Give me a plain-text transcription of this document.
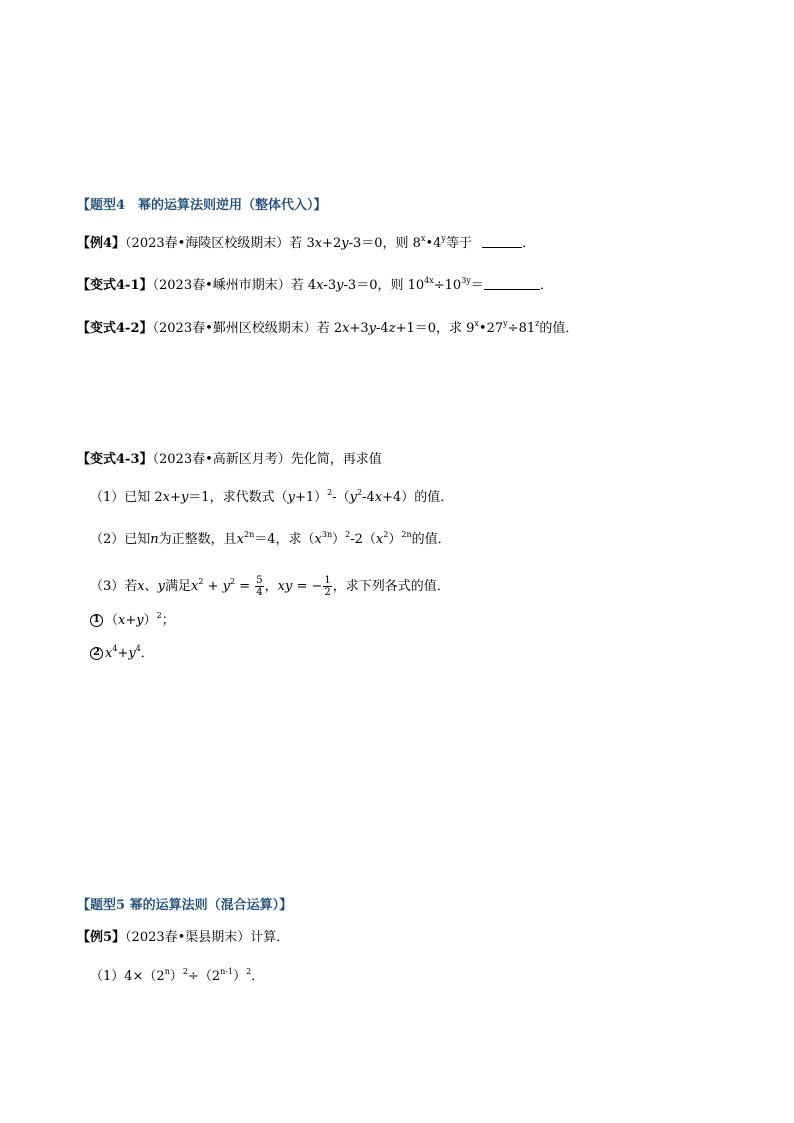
【题型4　幂的运算法则逆用（整体代入）】
【例4】（2023春•海陵区校级期末）若 3x+2y-3＝0，则 8$^x$•4$^y$等于	．
【变式4-1】（2023春•嵊州市期末）若 4x-3y-3＝0，则 $10^{4x}\div 10^{3y}=$	．
【变式4-2】（2023春•鄞州区校级期末）若 2x+3y-4z+1＝0，求 $9^x•27^y\div 81^z$的值．
【变式4-3】（2023春•高新区月考）先化简，再求值
（1）已知 2x+y＝1，求代数式$(y+1)^2-(y^2-4x+4)$的值．
（2）已知n为正整数，且$x^{2n}=4$，求$(x^{3n})^2-2(x^2)^{2n}$的值．
（3）若x、y满足$x^2 + y^2 = \frac{5}{4}$ ，xy = − $\frac{1}{2}$ ，求下列各式的值．
1 $(x+y)^2$；
2 $x^4+y^4$．
【题型5 幂的运算法则（混合运算）】
【例5】（2023春•渠县期末）计算．
$(1)4\times(2^n)^2\div(2^{n-1})^2$．
